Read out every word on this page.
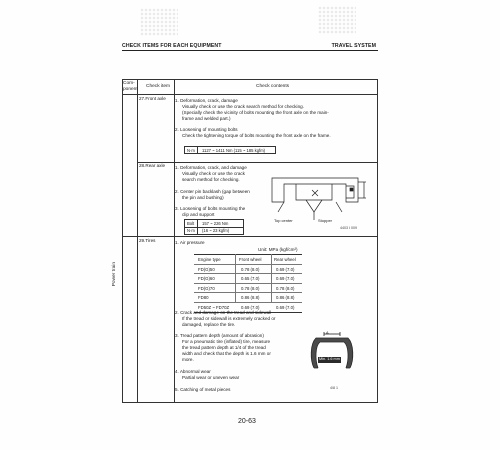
CHECK ITEMS FOR EACH EQUIPMENT	TRAVEL SYSTEM
Com-
ponent
Check item	Check contents
Power train
27.Front axle 1. Deformation, crack, damage
Visually check or use the crack search method for checking.
(Specially check the vicinity of bolts mounting the front axle on the main-
frame and welded part.)
2. Loosening of mounting bolts
Check the tightening torque of bolts mounting the front axle on the frame.
N·m 1127 ~ 1411 Nm (115 ~ 185 kgfm)
28.Rear axle 1. Deformation, crack, and damage
Visually check or use the crack
search method for checking.
2. Center pin backlash (gap between
the pin and bushing)
3. Loosening of bolts mounting the
clip and support
Bolt 157 ~ 226 Nm
N·m (16 ~ 23 kgfm)
Top center	Stopper
4403 I 009
29.Tires	1. Air pressure
Unit: MPa (kgf/cm²)
Engine type	Front wheel	Rear wheel
FD(G)50	0.78 (8.0)	0.69 (7.0)
FD(G)60	0.65 (7.0)	0.69 (7.0)
FD(G)70	0.78 (8.0)	0.78 (8.0)
FD80	0.86 (8.8)	0.86 (8.8)
FD50Z ~ FD70Z	0.69 (7.0)	0.69 (7.0)
2. Crack and damage on the tread and sidewall
If the tread or sidewall is extremely cracked or
damaged, replace the tire.
3. Tread pattern depth (amount of abrasion)
For a pneumatic tire (inflated) tire, measure
the tread pattern depth at 1/4 of the tread
width and check that the depth is 1.6 mm or
more.
4. Abnormal wear
Partial wear or uneven wear
5. Catching of metal pieces
A
Min. 1.6 mm
4/8 1
20-63
